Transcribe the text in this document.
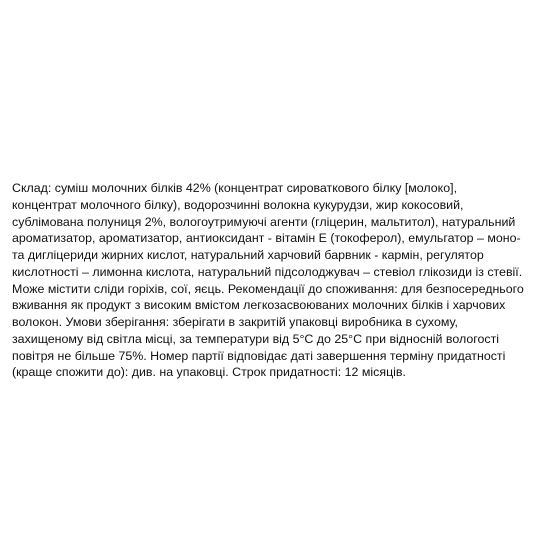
Склад: суміш молочних білків 42% (концентрат сироваткового білку [молоко],
концентрат молочного білку), водорозчинні волокна кукурудзи, жир кокосовий,
сублімована полуниця 2%, вологоутримуючі агенти (гліцерин, мальтитол), натуральний
ароматизатор, ароматизатор, антиоксидант - вітамін Е (токоферол), емульгатор – моно-
та дигліцериди жирних кислот, натуральний харчовий барвник - кармін, регулятор
кислотності – лимонна кислота, натуральний підсолоджувач – стевіол глікозиди із стевії.
Може містити сліди горіхів, сої, яєць. Рекомендації до споживання: для безпосереднього
вживання як продукт з високим вмістом легкозасвоюваних молочних білків і харчових
волокон. Умови зберігання: зберігати в закритій упаковці виробника в сухому,
захищеному від світла місці, за температури від 5°С до 25°С при відносній вологості
повітря не більше 75%. Номер партії відповідає даті завершення терміну придатності
(краще спожити до): див. на упаковці. Строк придатності: 12 місяців.
